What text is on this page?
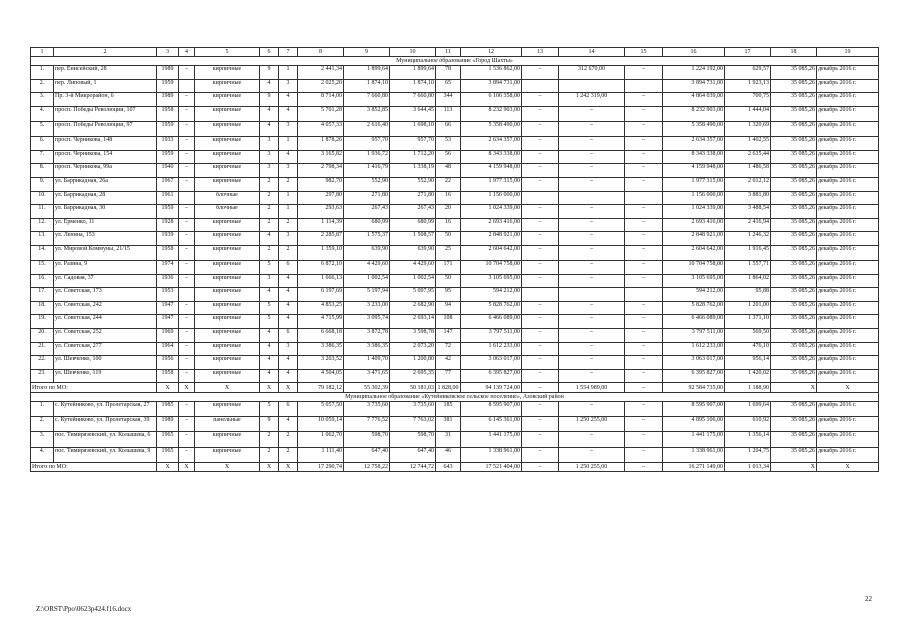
1	2	3	4	5	6	7	8	9	10	11	12	13	14	15	16	17	18	19
Муниципальное образование «Город Шахты»																		
1.	пер. Енисейский, 28	1989	–	кирпичные	9	1	2 441,34	1 899,64	1 899,64	78	1 536 862,00	–	312 670,00	–	1 224 192,00	629,57	35 085,26	декабрь 2016 г.
2.	пер. Липовый, 1	1959		кирпичные	4	3	2 025,20	1 874,10	1 874,10	65	3 894 731,00				3 894 731,00	1 923,13	35 085,26	декабрь 2016 г.
3.	Пр. 3-й Микрорайон, 6	1989	–	кирпичные	9	4	8 714,00	7 660,80	7 660,80	344	6 106 358,00	–	1 242 319,00	–	4 864 039,00	700,75	35 085,26	декабрь 2016 г.
4.	просп. Победы Революции, 107	1958	–	кирпичные	4	4	5 701,28	3 852,85	3 644,45	113	8 232 903,00	–	–	–	8 232 903,00	1 444,04	35 085,26	декабрь 2016 г.
5.	просп. Победы Революции, 97	1959	–	кирпичные	4	3	4 057,33	2 616,40	1 698,10	66	5 358 490,00	–	–	–	5 358 490,00	1 320,69	35 085,26	декабрь 2016 г.
6.	просп. Черникова, 148	1933	–	кирпичные	3	1	1 878,26	957,70	957,70	53	2 634 357,00	–	–	–	2 634 357,00	1 402,55	35 085,26	декабрь 2016 г.
7.	просп. Черникова, 154	1959	–	кирпичные	3	4	3 165,82	1 936,72	1 712,20	56	8 343 338,00	–	–	–	8 343 338,00	2 635,44	35 085,26	декабрь 2016 г.
8.	просп. Черникова, 99а	1940	–	кирпичные	3	3	2 798,34	1 416,79	1 338,19	48	4 159 948,00	–	–	–	4 159 948,00	1 486,58	35 085,26	декабрь 2016 г.
9.	ул. Баррикадная, 26а	1967	–	кирпичные	2	2	982,70	552,90	552,90	22	1 977 315,00	–	–	–	1 977 315,00	2 012,12	35 085,26	декабрь 2016 г.
10.	ул. Баррикадная, 28	1961		блочные	2	1	297,80	271,80	271,80	16	1 156 000,00				1 156 000,00	3 881,80	35 085,26	декабрь 2016 г.
11.	ул. Баррикадная, 30	1959	–	блочные	2	1	293,63	267,43	267,43	20	1 024 339,00	–	–	–	1 024 339,00	3 488,54	35 085,26	декабрь 2016 г.
12.	ул. Ерменко, 11	1928	–	кирпичные	2	2	1 114,39	680,99	680,99	16	2 693 416,00	–	–	–	2 693 416,00	2 416,94	35 085,26	декабрь 2016 г.
13.	ул. Ленина, 153	1939	–	кирпичные	4	3	2 285,87	1 575,37	1 508,57	50	2 848 921,00	–	–	–	2 848 921,00	1 246,32	35 085,26	декабрь 2016 г.
14.	ул. Мировой Коммуны, 21/15	1958	–	кирпичные	2	2	1 359,10	639,90	639,90	25	2 604 642,00	–	–	–	2 604 642,00	1 916,45	35 085,26	декабрь 2016 г.
15.	ул. Разина, 9	1974	–	кирпичные	5	6	6 872,10	4 429,60	4 429,60	171	10 704 758,00	–	–	–	10 704 758,00	1 557,71	35 085,26	декабрь 2016 г.
16.	ул. Садовая, 37	1936	–	кирпичные	3	4	1 666,13	1 002,54	1 002,54	50	3 105 695,00	–	–	–	3 105 695,00	1 864,02	35 085,26	декабрь 2016 г.
17.	ул. Советская, 173	1953		кирпичные	4	4	6 197,69	5 197,94	5 097,95	95	594 212,00				594 212,00	95,88	35 085,26	декабрь 2016 г.
18.	ул. Советская, 242	1947	–	кирпичные	5	4	4 853,25	3 233,00	2 682,90	94	5 828 762,00	–	–	–	5 828 762,00	1 201,00	35 085,26	декабрь 2016 г.
19.	ул. Советская, 244	1947	–	кирпичные	5	4	4 715,99	3 095,74	2 693,14	108	6 466 089,00	–	–	–	6 466 089,00	1 371,10	35 085,26	декабрь 2016 г.
20.	ул. Советская, 252	1969	–	кирпичные	4	6	6 668,18	3 872,78	3 598,78	147	3 797 511,00	–	–	–	3 797 511,00	569,50	35 085,26	декабрь 2016 г.
21.	ул. Советская, 277	1964	–	кирпичные	4	3	3 386,35	3 386,35	2 073,20	72	1 612 233,00	–	–	–	1 612 233,00	476,10	35 085,26	декабрь 2016 г.
22.	ул. Шевченко, 100	1956	–	кирпичные	4	4	3 203,52	1 409,70	1 200,80	42	3 063 017,00	–	–	–	3 063 017,00	956,14	35 085,26	декабрь 2016 г.
23.	ул. Шевченко, 119	1958	–	кирпичные	4	4	4 504,05	3 471,65	2 695,35	77	6 395 827,00	–	–	–	6 395 827,00	1 420,02	35 085,26	декабрь 2016 г.
Итого по МО:		X	X	X	X	X	79 182,12	55 302,39	50 181,03	1 828,00	94 139 724,00	–	1 554 989,00	–	92 584 735,00	1 188,90	X	X
Муниципальное образование «Кутейниковское сельское поселение», Азовский район																		
1.	с. Кутейниково, ул. Пролетарская, 27	1985	–	кирпичные	5	6	5 057,50	3 735,60	3 735,60	185	8 595 907,00	–	–	–	8 595 907,00	1 699,64	35 085,26	декабрь 2016 г.
2.	с. Кутейниково, ул. Пролетарская, 39	1989	–	панельные	9	4	10 059,14	7 776,52	7 763,02	381	6 145 361,00	–	1 250 255,00	–	4 895 106,00	610,92	35 085,26	декабрь 2016 г.
3.	пос. Тимирязевский, ул. Колышева, 6	1965	–	кирпичные	2	2	1 062,70	598,70	598,70	31	1 441 175,00	–	–	–	1 441 175,00	1 356,14	35 085,26	декабрь 2016 г.
4.	пос. Тимирязевский, ул. Колышева, 9	1965	–	кирпичные	2	2	1 111,40	647,40	647,40	46	1 338 961,00	–	–	–	1 338 961,00	1 204,75	35 085,26	декабрь 2016 г.
Итого по МО:		X	X	X	X	X	17 290,74	12 758,22	12 744,72	643	17 521 404,00	–	1 250 255,00	–	16 271 149,00	1 013,34	X	X
22
Z:\ORST\Ppo\0623p424.f16.docx
